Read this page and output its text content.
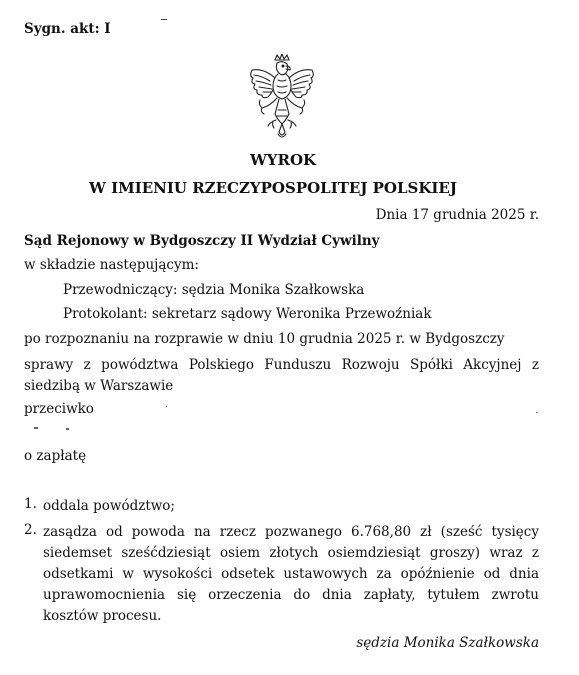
Sygn. akt: I
WYROK
W IMIENIU RZECZYPOSPOLITEJ POLSKIEJ
Dnia 17 grudnia 2025 r.
Sąd Rejonowy w Bydgoszczy II Wydział Cywilny
w składzie następującym:
Przewodniczący: sędzia Monika Szałkowska
Protokolant: sekretarz sądowy Weronika Przewoźniak
po rozpoznaniu na rozprawie w dniu 10 grudnia 2025 r. w Bydgoszczy
sprawy z powództwa Polskiego Funduszu Rozwoju Spółki Akcyjnej z siedzibą w Warszawie
przeciwko
o zapłatę
1. oddala powództwo;
2. zasądza od powoda na rzecz pozwanego 6.768,80 zł (sześć tysięcy siedemset sześćdziesiąt osiem złotych osiemdziesiąt groszy) wraz z odsetkami w wysokości odsetek ustawowych za opóźnienie od dnia uprawomocnienia się orzeczenia do dnia zapłaty, tytułem zwrotu kosztów procesu.
sędzia Monika Szałkowska
